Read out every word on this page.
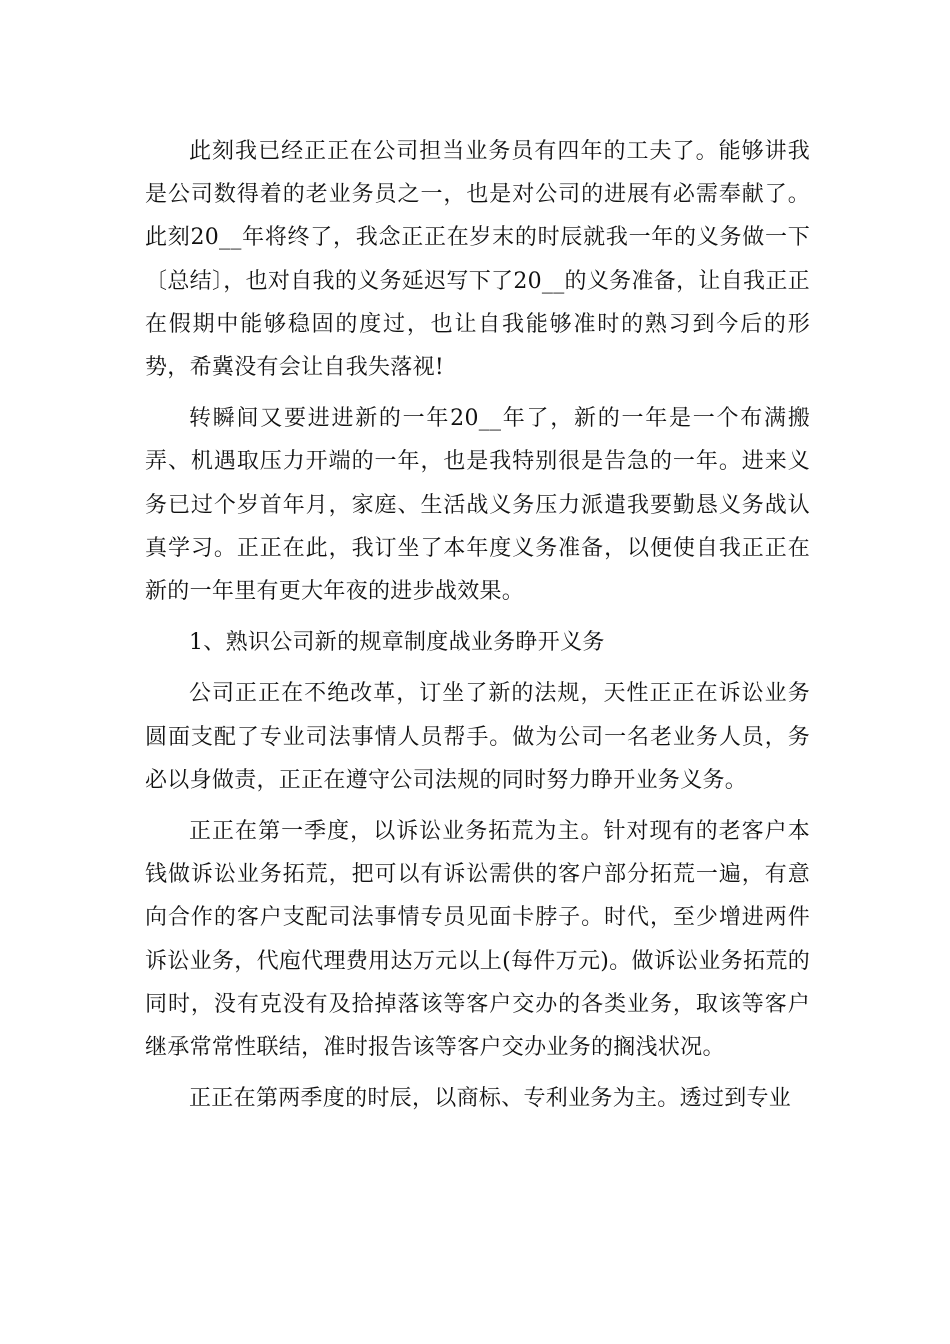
此刻我已经正正在公司担当业务员有四年的工夫了。能够讲我是公司数得着的老业务员之一，也是对公司的进展有必需奉献了。此刻20__年将终了，我念正正在岁末的时辰就我一年的义务做一下〔总结〕，也对自我的义务延迟写下了20__的义务准备，让自我正正在假期中能够稳固的度过，也让自我能够准时的熟习到今后的形势，希冀没有会让自我失落视!

转瞬间又要进进新的一年20__年了，新的一年是一个布满搬弄、机遇取压力开端的一年，也是我特别很是告急的一年。进来义务已过个岁首年月，家庭、生活战义务压力派遣我要勤恳义务战认真学习。正正在此，我订坐了本年度义务准备，以便使自我正正在新的一年里有更大年夜的进步战效果。

1、熟识公司新的规章制度战业务睁开义务

公司正正在不绝改革，订坐了新的法规，天性正正在诉讼业务圆面支配了专业司法事情人员帮手。做为公司一名老业务人员，务必以身做责，正正在遵守公司法规的同时努力睁开业务义务。

正正在第一季度，以诉讼业务拓荒为主。针对现有的老客户本钱做诉讼业务拓荒，把可以有诉讼需供的客户部分拓荒一遍，有意向合作的客户支配司法事情专员见面卡脖子。时代，至少增进两件诉讼业务，代庖代理费用达万元以上(每件万元)。做诉讼业务拓荒的同时，没有克没有及拾掉落该等客户交办的各类业务，取该等客户继承常常性联结，准时报告该等客户交办业务的搁浅状况。

正正在第两季度的时辰，以商标、专利业务为主。透过到专业
